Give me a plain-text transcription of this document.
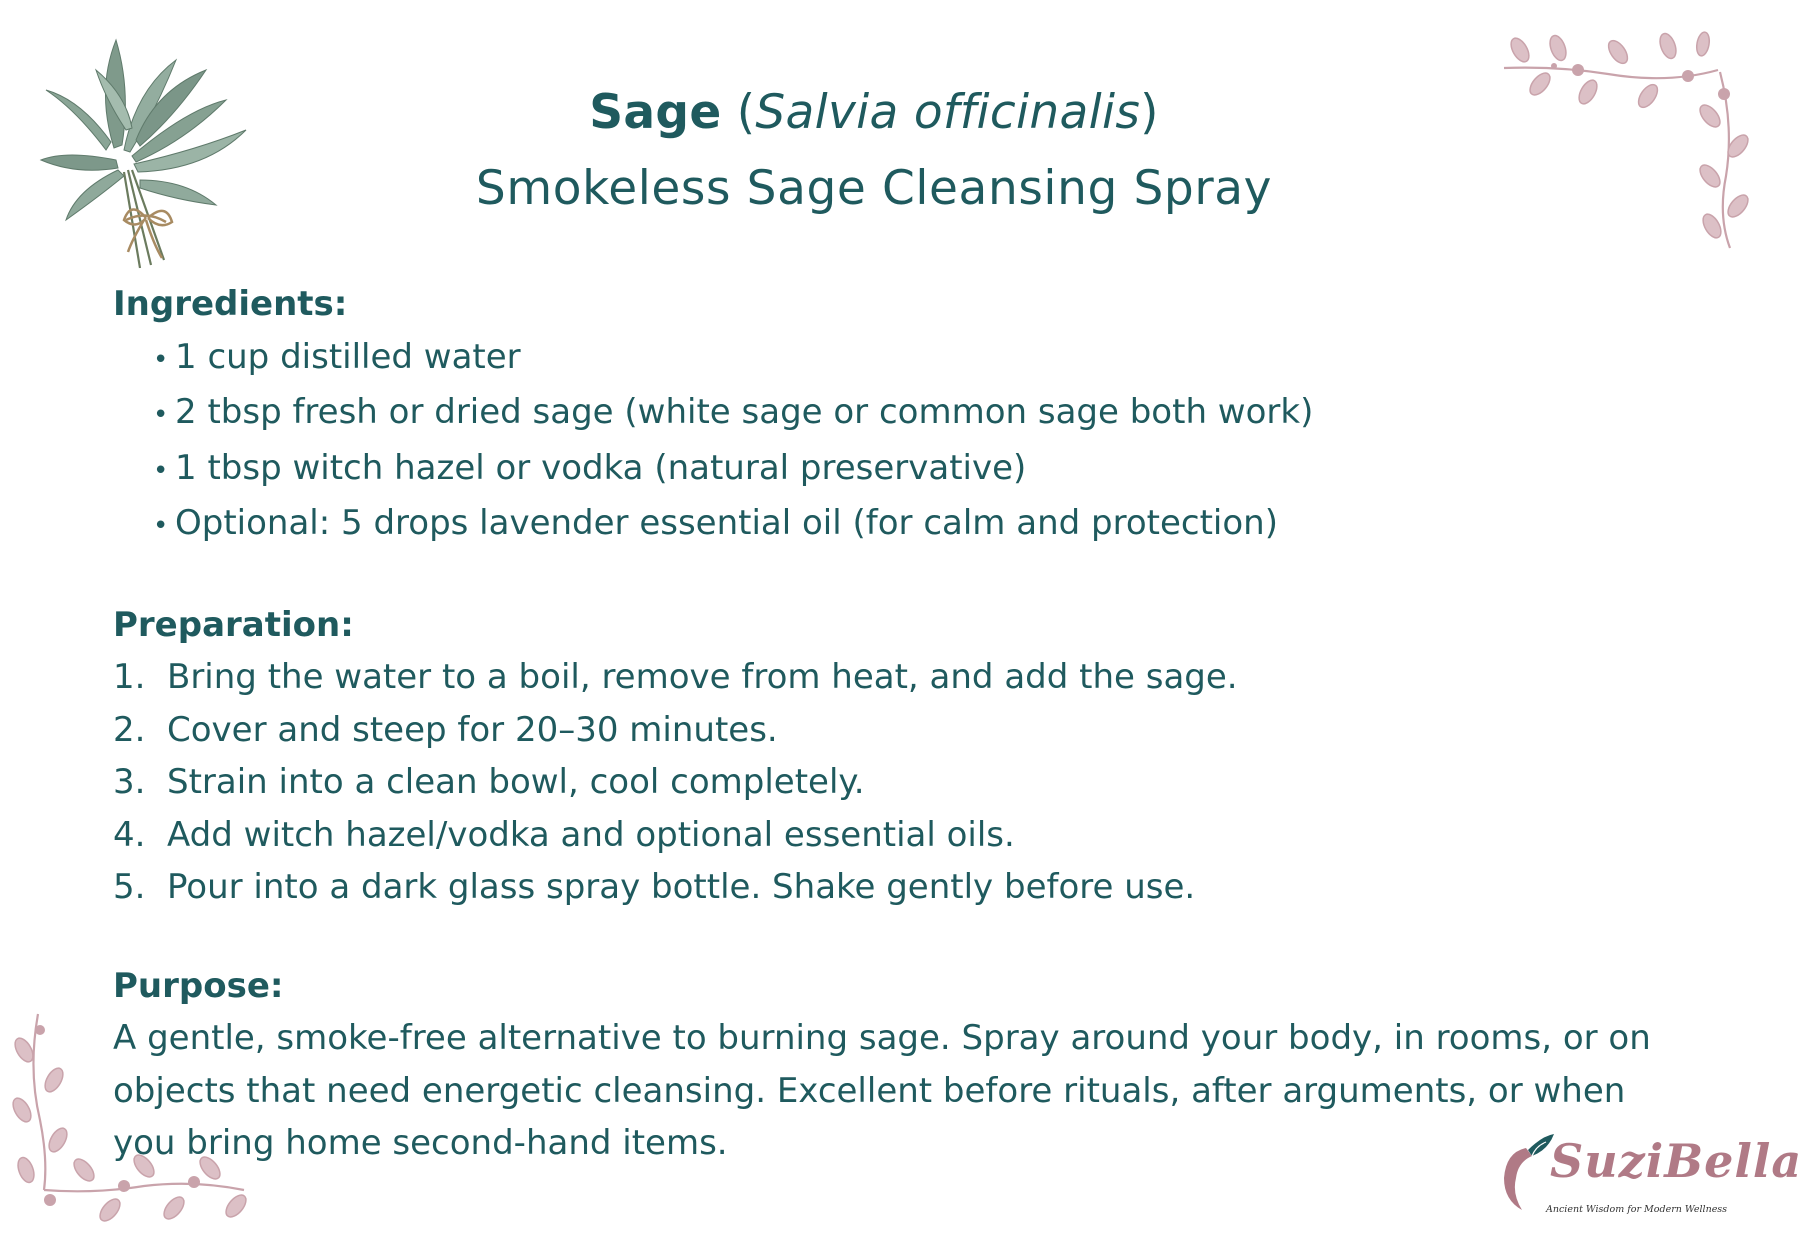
Sage (Salvia officinalis)
Smokeless Sage Cleansing Spray
Ingredients:
• 1 cup distilled water
• 2 tbsp fresh or dried sage (white sage or common sage both work)
• 1 tbsp witch hazel or vodka (natural preservative)
• Optional: 5 drops lavender essential oil (for calm and protection)
Preparation:
1. Bring the water to a boil, remove from heat, and add the sage.
2. Cover and steep for 20–30 minutes.
3. Strain into a clean bowl, cool completely.
4. Add witch hazel/vodka and optional essential oils.
5. Pour into a dark glass spray bottle. Shake gently before use.
Purpose:
A gentle, smoke-free alternative to burning sage. Spray around your body, in rooms, or on objects that need energetic cleansing. Excellent before rituals, after arguments, or when you bring home second-hand items.	SuziBella
Ancient Wisdom for Modern Wellness
